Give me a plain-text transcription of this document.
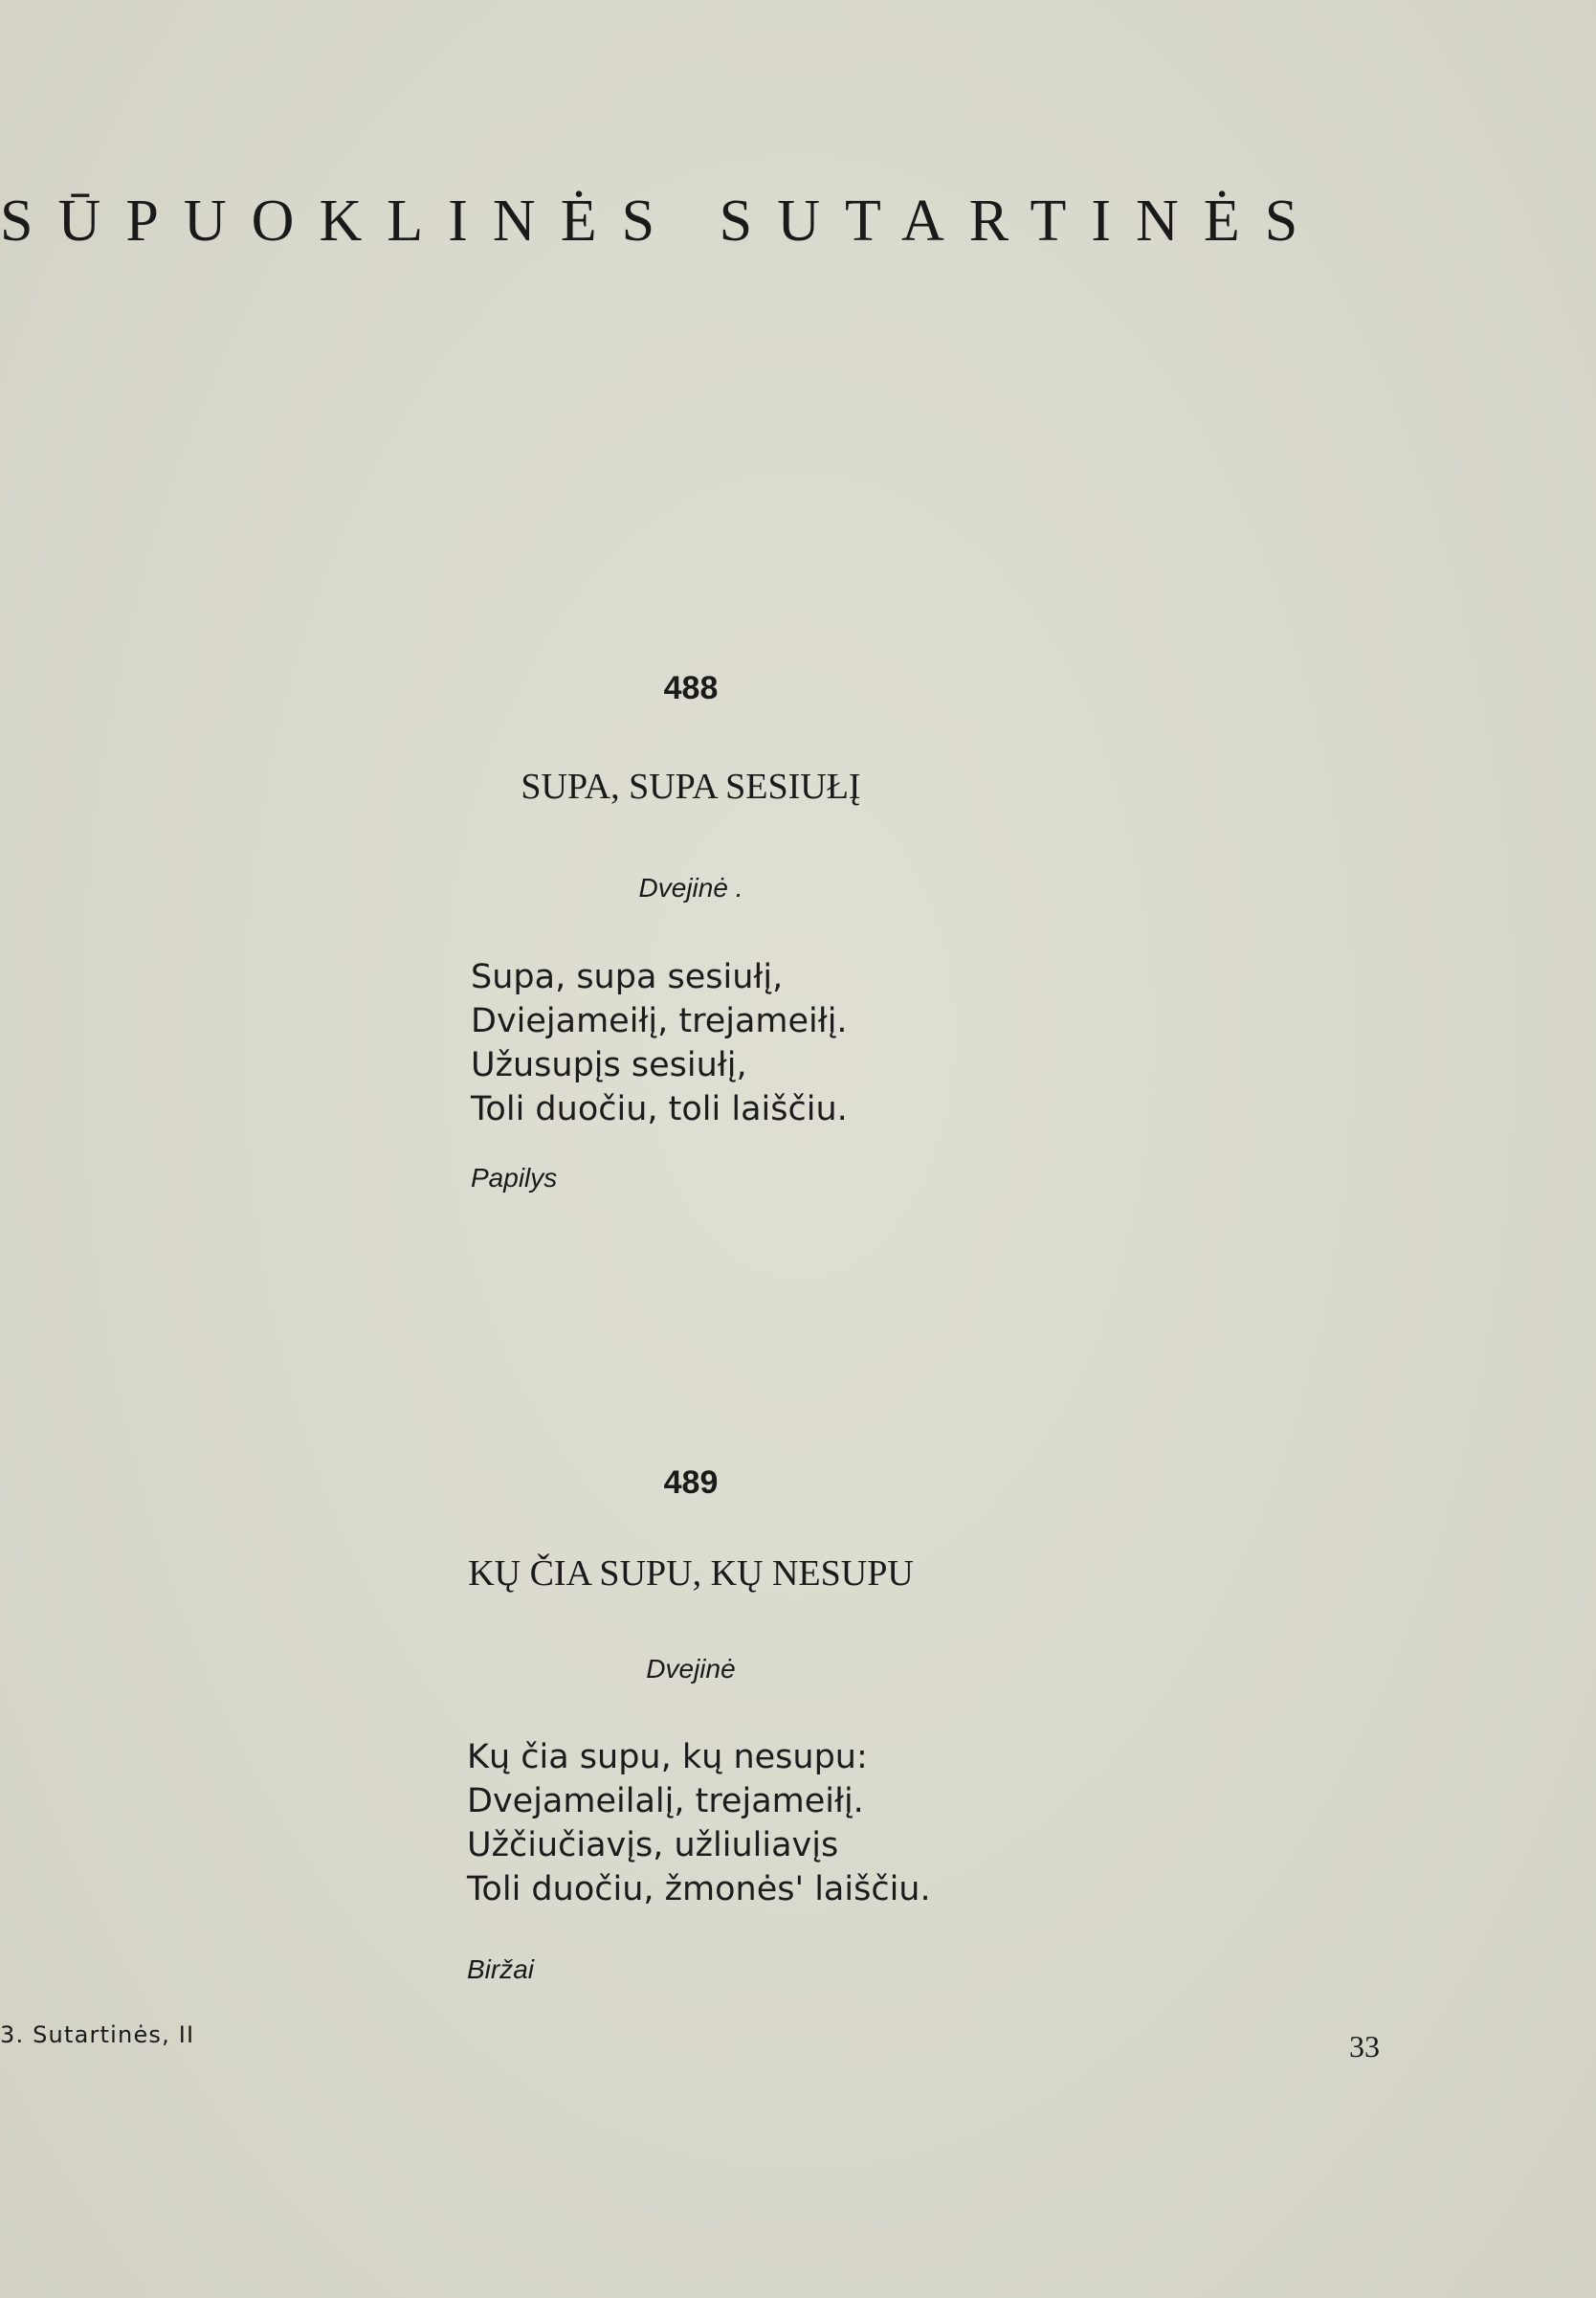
SŪPUOKLINĖS SUTARTINĖS
488
SUPA, SUPA SESIUŁĮ
Dvejinė .
Supa, supa sesiułį,
Dviejameiłį, trejameiłį.
Užusupįs sesiułį,
Toli duočiu, toli laiščiu.
Papilys
489
KŲ ČIA SUPU, KŲ NESUPU
Dvejinė
Kų čia supu, kų nesupu:
Dvejameilalį, trejameiłį.
Užčiučiavįs, užliuliavįs
Toli duočiu, žmonės' laiščiu.
Biržai
3. Sutartinės, II	33
